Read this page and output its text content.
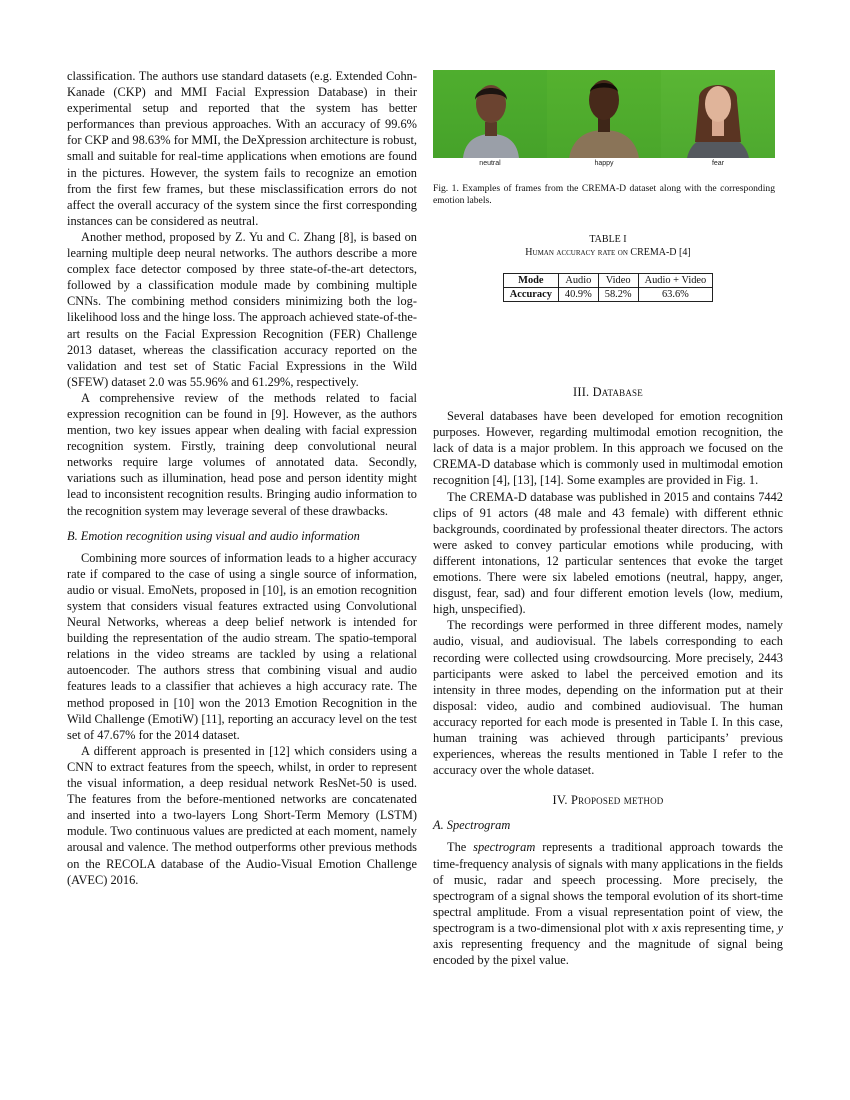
classification. The authors use standard datasets (e.g. Extended Cohn-Kanade (CKP) and MMI Facial Expression Database) in their experimental setup and reported that the system has better performances than previous approaches. With an accuracy of 99.6% for CKP and 98.63% for MMI, the DeXpression architecture is robust, small and suitable for real-time applications when emotions are found in the pictures. However, the system fails to recognize an emotion from the first few frames, but these misclassification errors do not affect the overall accuracy of the system since the first corresponding instances can be considered as neutral.

Another method, proposed by Z. Yu and C. Zhang [8], is based on learning multiple deep neural networks. The authors describe a more complex face detector composed by three state-of-the-art detectors, followed by a classification module made by combining multiple CNNs. The combining method considers minimizing both the log-likelihood loss and the hinge loss. The approach achieved state-of-the-art results on the Facial Expression Recognition (FER) Challenge 2013 dataset, whereas the classification accuracy reported on the validation and test set of Static Facial Expressions in the Wild (SFEW) dataset 2.0 was 55.96% and 61.29%, respectively.

A comprehensive review of the methods related to facial expression recognition can be found in [9]. However, as the authors mention, two key issues appear when dealing with facial expression recognition system. Firstly, training deep convolutional neural networks require large volumes of annotated data. Secondly, variations such as illumination, head pose and person identity might lead to inconsistent recognition results. Bringing audio information to the recognition system may leverage several of these drawbacks.

B. Emotion recognition using visual and audio information

Combining more sources of information leads to a higher accuracy rate if compared to the case of using a single source of information, audio or visual. EmoNets, proposed in [10], is an emotion recognition system that considers visual features extracted using Convolutional Neural Networks, whereas a deep belief network is intended for building the representation of the audio stream. The spatio-temporal relations in the video streams are tackled by using a relational autoencoder. The authors stress that combining visual and audio features leads to a classifier that achieves a high accuracy rate. The method proposed in [10] won the 2013 Emotion Recognition in the Wild Challenge (EmotiW) [11], reporting an accuracy level on the test set of 47.67% for the 2014 dataset.

A different approach is presented in [12] which considers using a CNN to extract features from the speech, whilst, in order to represent the visual information, a deep residual network ResNet-50 is used. The features from the before-mentioned networks are concatenated and inserted into a two-layers Long Short-Term Memory (LSTM) module. Two continuous values are predicted at each moment, namely arousal and valence. The method outperforms other previous methods on the RECOLA database of the Audio-Visual Emotion Challenge (AVEC) 2016.

neutral	happy	fear
Fig. 1. Examples of frames from the CREMA-D dataset along with the corresponding emotion labels.
TABLE I
Human accuracy rate on CREMA-D [4]
Mode	Audio	Video	Audio + Video
Accuracy	40.9%	58.2%	63.6%
III. Database

Several databases have been developed for emotion recognition purposes. However, regarding multimodal emotion recognition, the lack of data is a major problem. In this approach we focused on the CREMA-D database which is commonly used in multimodal emotion recognition [4], [13], [14]. Some examples are provided in Fig. 1.

The CREMA-D database was published in 2015 and contains 7442 clips of 91 actors (48 male and 43 female) with different ethnic backgrounds, coordinated by professional theater directors. The actors were asked to convey particular emotions while producing, with different intonations, 12 particular sentences that evoke the target emotions. There were six labeled emotions (neutral, happy, anger, disgust, fear, sad) and four different emotion levels (low, medium, high, unspecified).

The recordings were performed in three different modes, namely audio, visual, and audiovisual. The labels corresponding to each recording were collected using crowdsourcing. More precisely, 2443 participants were asked to label the perceived emotion and its intensity in three modes, depending on the information put at their disposal: video, audio and combined audiovisual. The human accuracy reported for each mode is presented in Table I. In this case, human training was achieved through participants’ previous experiences, whereas the results mentioned in Table I refer to the accuracy over the whole dataset.

IV. Proposed method
A. Spectrogram

The spectrogram represents a traditional approach towards the time-frequency analysis of signals with many applications in the fields of music, radar and speech processing. More precisely, the spectrogram of a signal shows the temporal evolution of its short-time spectral amplitude. From a visual representation point of view, the spectrogram is a two-dimensional plot with x axis representing time, y axis representing frequency and the magnitude of signal being encoded by the pixel value.
